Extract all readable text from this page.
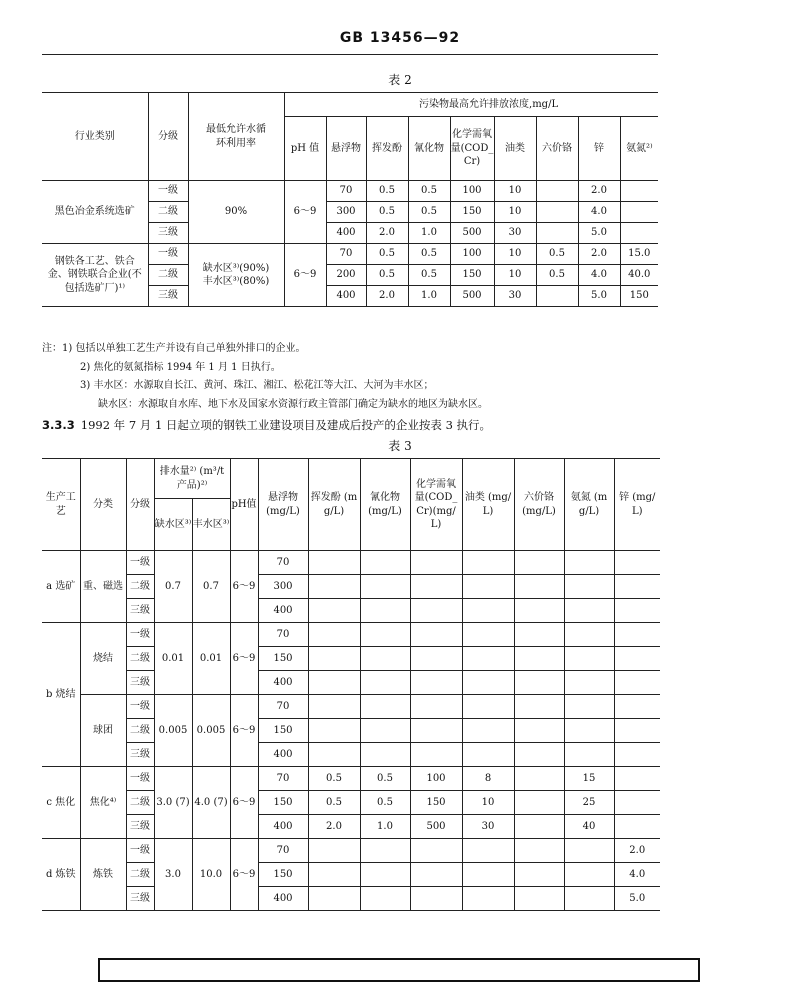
GB 13456—92
表 2
行业类别	分级	最低允许水循环利用率	污染物最高允许排放浓度,mg/L								
			pH 值	悬浮物	挥发酚	氰化物	化学需氧 量(COD_Cr)	油类	六价铬	锌	氨氮²⁾
黑色冶金系统选矿	一级	90%	6～9	70	0.5	0.5	100	10		2.0	
	二级			300	0.5	0.5	150	10		4.0	
	三级			400	2.0	1.0	500	30		5.0	
钢铁各工艺、铁合金、钢铁联合企业(不包括选矿厂)¹⁾	一级	缺水区³⁾(90%) 丰水区³⁾(80%)	6～9	70	0.5	0.5	100	10	0.5	2.0	15.0
	二级			200	0.5	0.5	150	10	0.5	4.0	40.0
	三级			400	2.0	1.0	500	30		5.0	150
注：1) 包括以单独工艺生产并设有自己单独外排口的企业。
2) 焦化的氨氮指标 1994 年 1 月 1 日执行。
3) 丰水区：水源取自长江、黄河、珠江、湘江、松花江等大江、大河为丰水区；
缺水区：水源取自水库、地下水及国家水资源行政主管部门确定为缺水的地区为缺水区。
3.3.3 1992 年 7 月 1 日起立项的钢铁工业建设项目及建成后投产的企业按表 3 执行。
表 3
生产工艺	分类	分级	排水量²⁾ (m³/t 产品)²⁾		pH值	悬浮物 (mg/L)	挥发酚 (mg/L)	氰化物 (mg/L)	化学需氧 量(COD_Cr)(mg/L)	油类 (mg/L)	六价铬 (mg/L)	氨氮 (mg/L)	锌 (mg/L)
			缺水区³⁾	丰水区³⁾									
a 选矿	重、磁选	一级	0.7	0.7	6～9	70							
		二级				300							
		三级				400							
b 烧结	烧结	一级	0.01	0.01	6～9	70							
		二级				150							
		三级				400							
	球团	一级	0.005	0.005	6～9	70							
		二级				150							
		三级				400							
c 焦化	焦化⁴⁾	一级	3.0 (7)	4.0 (7)	6～9	70	0.5	0.5	100	8		15	
		二级				150	0.5	0.5	150	10		25	
		三级				400	2.0	1.0	500	30		40	
d 炼铁	炼铁	一级	3.0	10.0	6～9	70							2.0
		二级				150							4.0
		三级				400							5.0
